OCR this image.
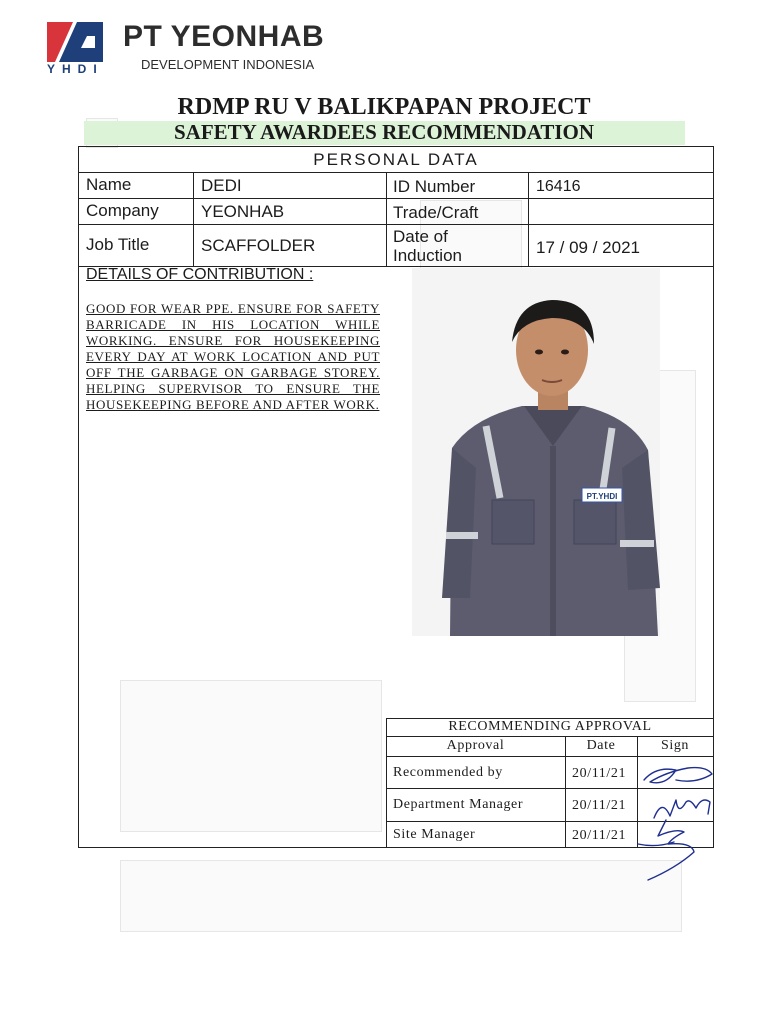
YHDI
PT YEONHAB
DEVELOPMENT INDONESIA
RDMP RU V BALIKPAPAN PROJECT
SAFETY AWARDEES RECOMMENDATION
PERSONAL DATA
Name	DEDI	ID Number	16416
Company YEONHAB	Trade/Craft
Job Title	SCAFFOLDER	Date of
Induction	17 / 09 / 2021
DETAILS OF CONTRIBUTION :
GOOD FOR WEAR PPE. ENSURE FOR SAFETY BARRICADE IN HIS LOCATION WHILE WORKING. ENSURE FOR HOUSEKEEPING EVERY DAY AT WORK LOCATION AND PUT OFF THE GARBAGE ON GARBAGE STOREY. HELPING SUPERVISOR TO ENSURE THE HOUSEKEEPING BEFORE AND AFTER WORK.
PT.YHDI
RECOMMENDING APPROVAL
Approval	Date	Sign
Recommended by	20/11/21
Department Manager	20/11/21
Site Manager	20/11/21
